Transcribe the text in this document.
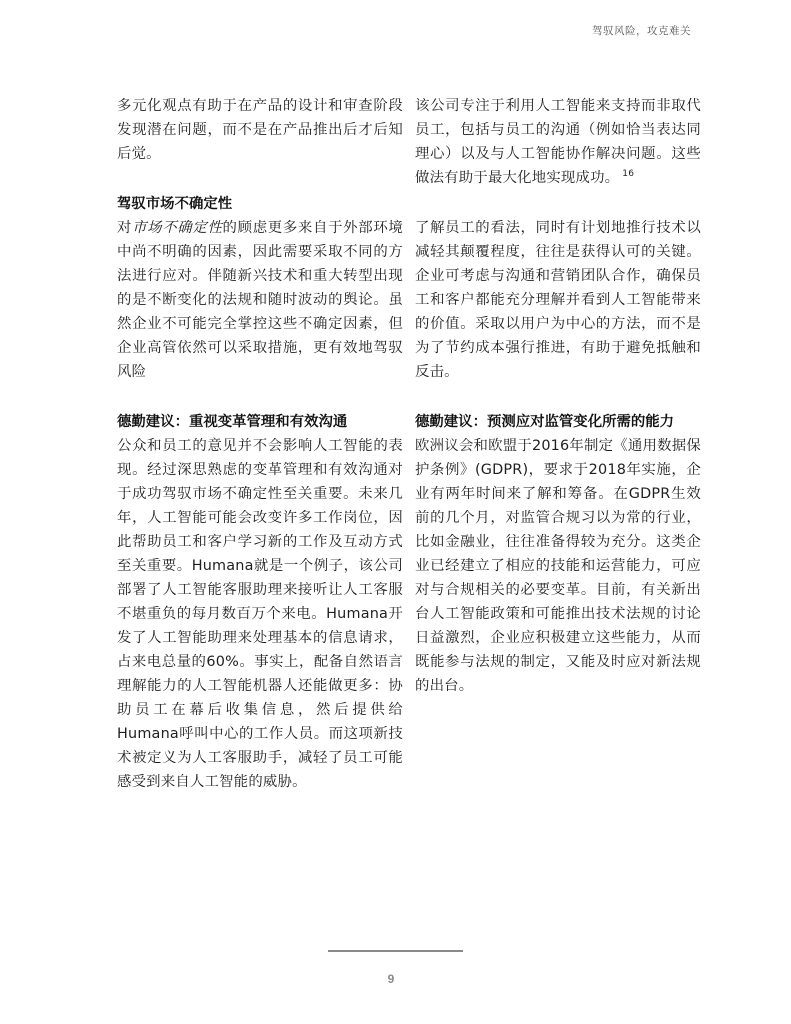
驾驭风险，攻克难关

多元化观点有助于在产品的设计和审查阶段发现潜在问题，而不是在产品推出后才后知后觉。

驾驭市场不确定性

对市场不确定性的顾虑更多来自于外部环境中尚不明确的因素，因此需要采取不同的方法进行应对。伴随新兴技术和重大转型出现的是不断变化的法规和随时波动的舆论。虽然企业不可能完全掌控这些不确定因素，但企业高管依然可以采取措施，更有效地驾驭风险

德勤建议：重视变革管理和有效沟通

公众和员工的意见并不会影响人工智能的表现。经过深思熟虑的变革管理和有效沟通对于成功驾驭市场不确定性至关重要。未来几年，人工智能可能会改变许多工作岗位，因此帮助员工和客户学习新的工作及互动方式至关重要。Humana就是一个例子，该公司部署了人工智能客服助理来接听让人工客服不堪重负的每月数百万个来电。Humana开发了人工智能助理来处理基本的信息请求，占来电总量的60%。事实上，配备自然语言理解能力的人工智能机器人还能做更多：协助员工在幕后收集信息，然后提供给Humana呼叫中心的工作人员。而这项新技术被定义为人工客服助手，减轻了员工可能感受到来自人工智能的威胁。

该公司专注于利用人工智能来支持而非取代员工，包括与员工的沟通（例如恰当表达同理心）以及与人工智能协作解决问题。这些做法有助于最大化地实现成功。 $^{16}$

了解员工的看法，同时有计划地推行技术以减轻其颠覆程度，往往是获得认可的关键。企业可考虑与沟通和营销团队合作，确保员工和客户都能充分理解并看到人工智能带来的价值。采取以用户为中心的方法，而不是为了节约成本强行推进，有助于避免抵触和反击。

德勤建议：预测应对监管变化所需的能力

欧洲议会和欧盟于2016年制定《通用数据保护条例》(GDPR)，要求于2018年实施，企业有两年时间来了解和筹备。在GDPR生效前的几个月，对监管合规习以为常的行业，比如金融业，往往准备得较为充分。这类企业已经建立了相应的技能和运营能力，可应对与合规相关的必要变革。目前，有关新出台人工智能政策和可能推出技术法规的讨论日益激烈，企业应积极建立这些能力，从而既能参与法规的制定，又能及时应对新法规的出台。

9
